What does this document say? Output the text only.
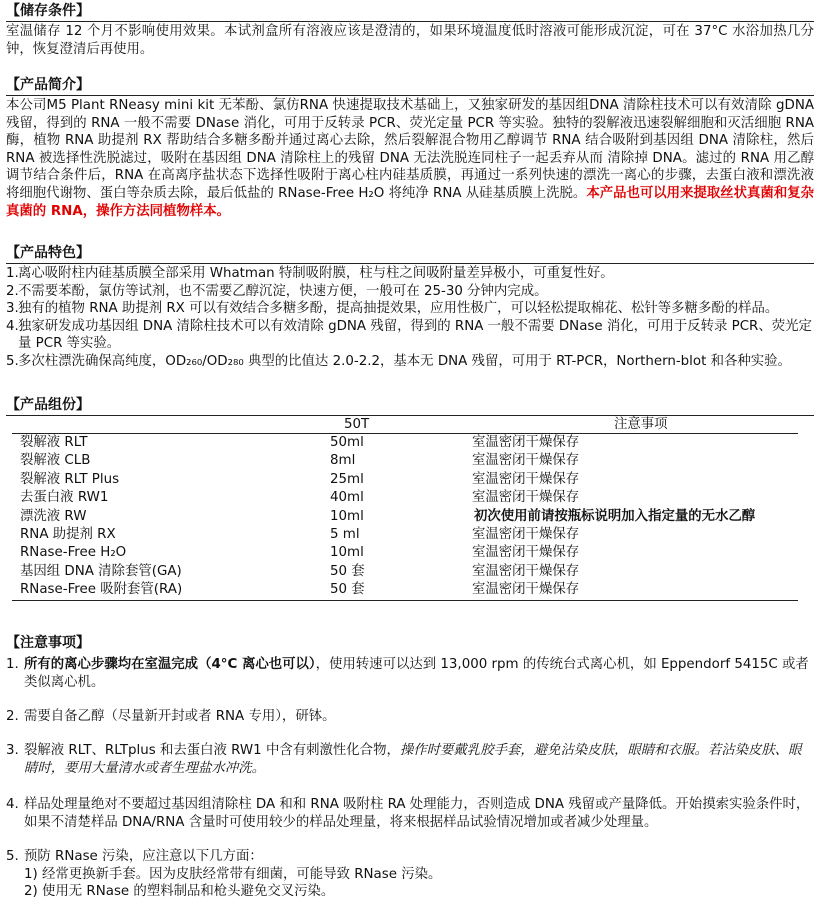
【储存条件】

室温储存 12 个月不影响使用效果。本试剂盒所有溶液应该是澄清的，如果环境温度低时溶液可能形成沉淀，可在 37°C 水浴加热几分钟，恢复澄清后再使用。

【产品简介】

本公司M5 Plant RNeasy mini kit 无苯酚、氯仿RNA 快速提取技术基础上，又独家研发的基因组DNA 清除柱技术可以有效清除 gDNA 残留，得到的 RNA 一般不需要 DNase 消化，可用于反转录 PCR、荧光定量 PCR 等实验。独特的裂解液迅速裂解细胞和灭活细胞 RNA 酶，植物 RNA 助提剂 RX 帮助结合多糖多酚并通过离心去除，然后裂解混合物用乙醇调节 RNA 结合吸附到基因组 DNA 清除柱，然后 RNA 被选择性洗脱滤过，吸附在基因组 DNA 清除柱上的残留 DNA 无法洗脱连同柱子一起丢弃从而 清除掉 DNA。滤过的 RNA 用乙醇调节结合条件后，RNA 在高离序盐状态下选择性吸附于离心柱内硅基质膜，再通过一系列快速的漂洗一离心的步骤，去蛋白液和漂洗液将细胞代谢物、蛋白等杂质去除，最后低盐的 RNase-Free H₂O 将纯净 RNA 从硅基质膜上洗脱。本产品也可以用来提取丝状真菌和复杂真菌的 RNA，操作方法同植物样本。

【产品特色】
1.离心吸附柱内硅基质膜全部采用 Whatman 特制吸附膜，柱与柱之间吸附量差异极小，可重复性好。
2.不需要苯酚，氯仿等试剂，也不需要乙醇沉淀，快速方便，一般可在 25-30 分钟内完成。
3.独有的植物 RNA 助提剂 RX 可以有效结合多糖多酚，提高抽提效果，应用性极广，可以轻松提取棉花、松针等多糖多酚的样品。
4.独家研发成功基因组 DNA 清除柱技术可以有效清除 gDNA 残留，得到的 RNA 一般不需要 DNase 消化，可用于反转录 PCR、荧光定量 PCR 等实验。
5.多次柱漂洗确保高纯度，OD₂₆₀/OD₂₈₀ 典型的比值达 2.0-2.2，基本无 DNA 残留，可用于 RT-PCR，Northern-blot 和各种实验。
【产品组份】
	50T	注意事项
裂解液 RLT	50ml	室温密闭干燥保存
裂解液 CLB	8ml	室温密闭干燥保存
裂解液 RLT Plus	25ml	室温密闭干燥保存
去蛋白液 RW1	40ml	室温密闭干燥保存
漂洗液 RW	10ml	初次使用前请按瓶标说明加入指定量的无水乙醇
RNA 助提剂 RX	5 ml	室温密闭干燥保存
RNase-Free H₂O	10ml	室温密闭干燥保存
基因组 DNA 清除套管(GA)	50 套	室温密闭干燥保存
RNase-Free 吸附套管(RA)	50 套	室温密闭干燥保存
【注意事项】
1. 所有的离心步骤均在室温完成（4°C 离心也可以），使用转速可以达到 13,000 rpm 的传统台式离心机，如 Eppendorf 5415C 或者类似离心机。
2. 需要自备乙醇（尽量新开封或者 RNA 专用），研钵。
3. 裂解液 RLT、RLTplus 和去蛋白液 RW1 中含有刺激性化合物，操作时要戴乳胶手套，避免沾染皮肤，眼睛和衣服。若沾染皮肤、眼睛时，要用大量清水或者生理盐水冲洗。
4. 样品处理量绝对不要超过基因组清除柱 DA 和和 RNA 吸附柱 RA 处理能力，否则造成 DNA 残留或产量降低。开始摸索实验条件时，如果不清楚样品 DNA/RNA 含量时可使用较少的样品处理量，将来根据样品试验情况增加或者减少处理量。
5. 预防 RNase 污染，应注意以下几方面：
1) 经常更换新手套。因为皮肤经常带有细菌，可能导致 RNase 污染。
2) 使用无 RNase 的塑料制品和枪头避免交叉污染。
